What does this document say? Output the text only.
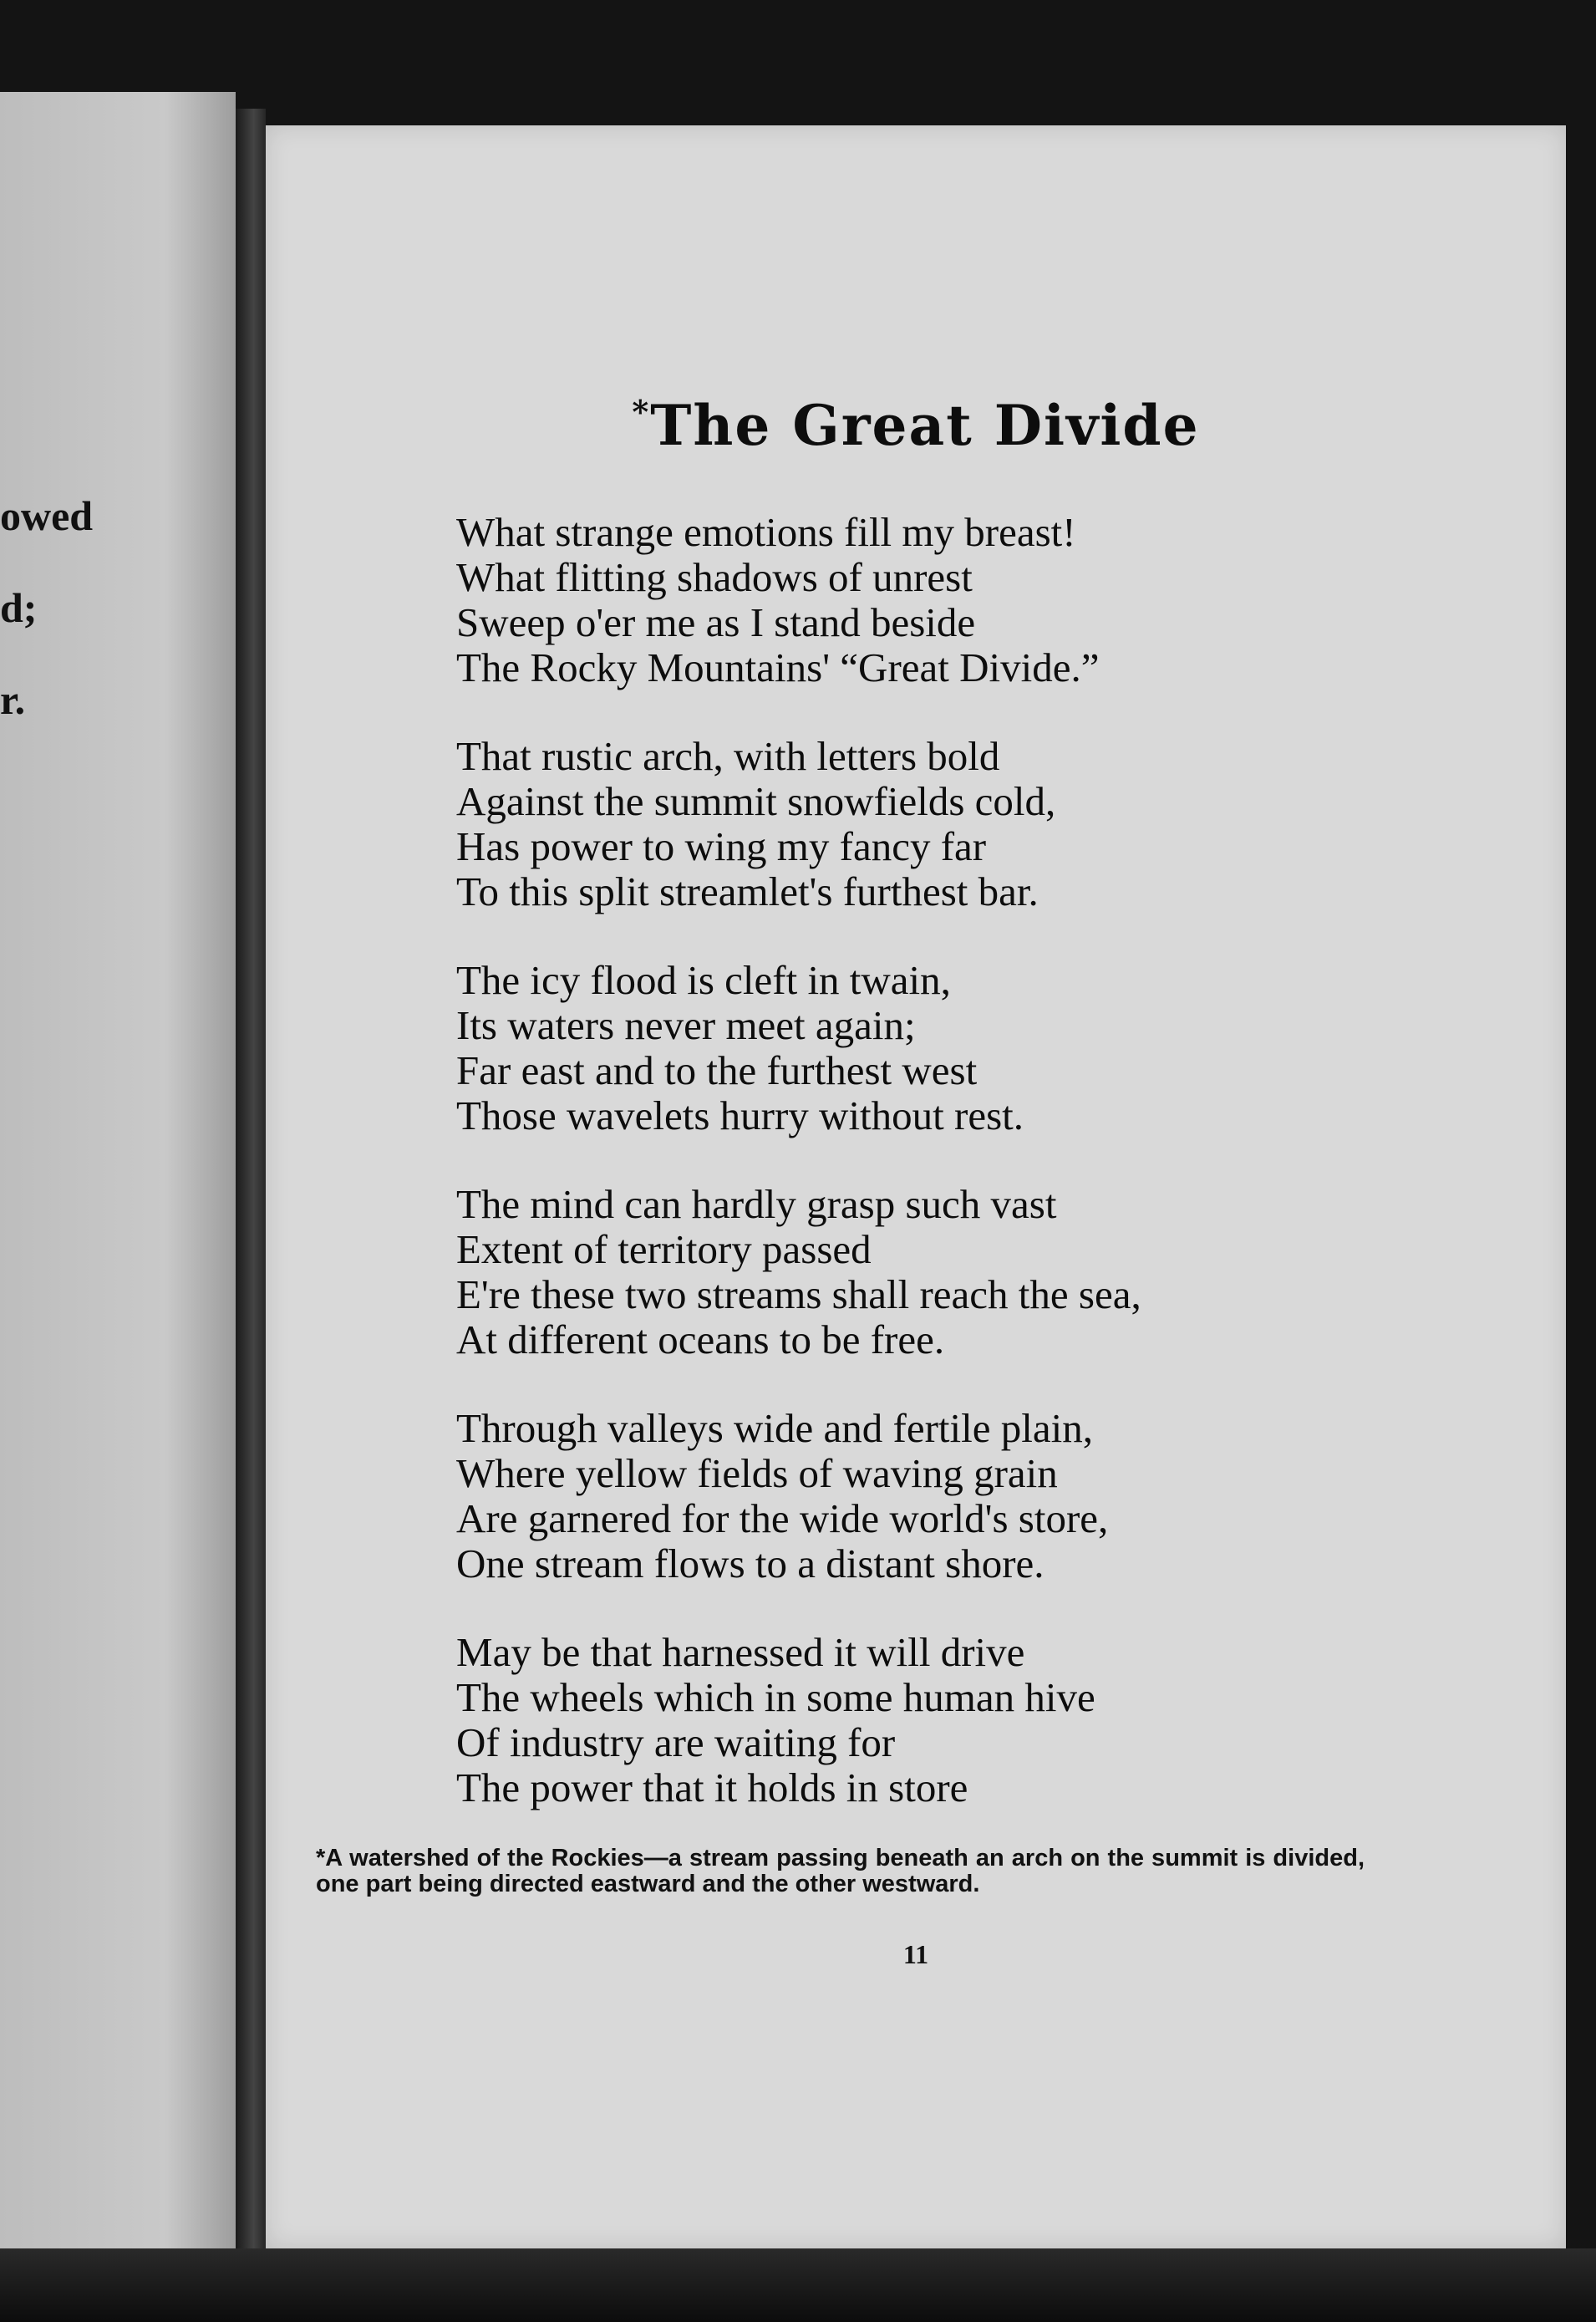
owed
d;
r.
*The Great Divide
What strange emotions fill my breast!
What flitting shadows of unrest
Sweep o'er me as I stand beside
The Rocky Mountains' “Great Divide.”
That rustic arch, with letters bold
Against the summit snowfields cold,
Has power to wing my fancy far
To this split streamlet's furthest bar.
The icy flood is cleft in twain,
Its waters never meet again;
Far east and to the furthest west
Those wavelets hurry without rest.
The mind can hardly grasp such vast
Extent of territory passed
E're these two streams shall reach the sea,
At different oceans to be free.
Through valleys wide and fertile plain,
Where yellow fields of waving grain
Are garnered for the wide world's store,
One stream flows to a distant shore.
May be that harnessed it will drive
The wheels which in some human hive
Of industry are waiting for
The power that it holds in store
*A watershed of the Rockies—a stream passing beneath an arch on the summit is divided, one part being directed eastward and the other westward.
11
